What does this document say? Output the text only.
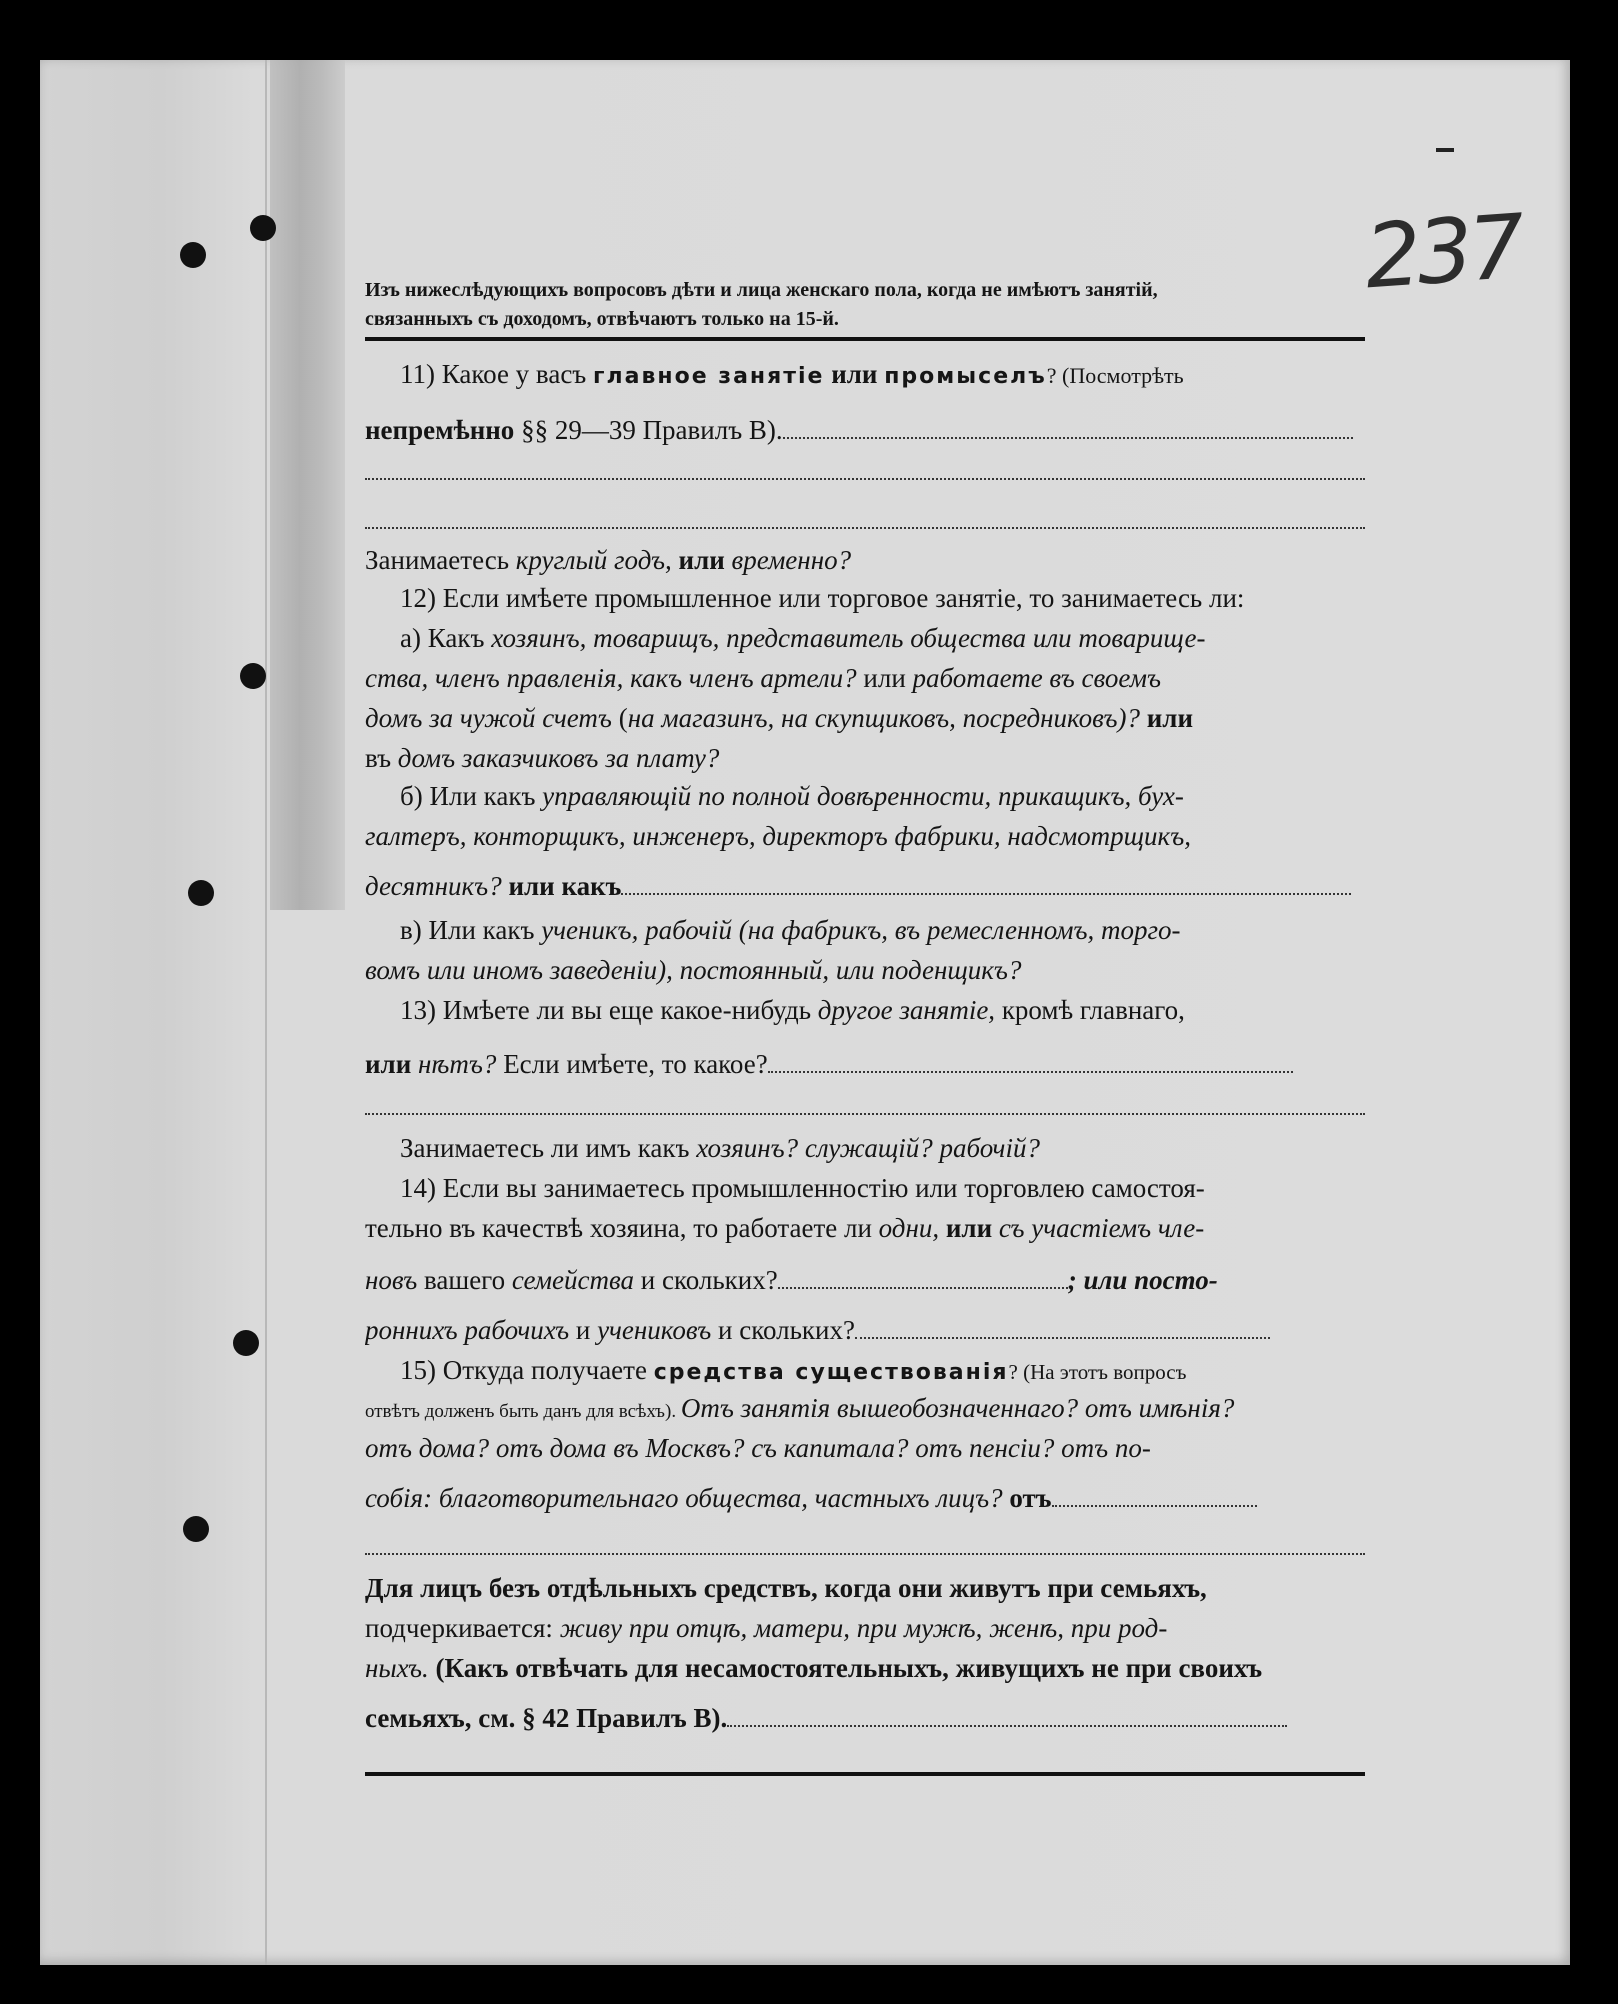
237
Изъ нижеслѣдующихъ вопросовъ дѣти и лица женскаго пола, когда не имѣютъ занятій,
связанныхъ съ доходомъ, отвѣчаютъ только на 15-й.
11) Какое у васъ главное занятіе или промыселъ? (Посмотрѣть
непремѣнно §§ 29—39 Правилъ В).
Занимаетесь круглый годъ, или временно?
12) Если имѣете промышленное или торговое занятіе, то занимаетесь ли:
а) Какъ хозяинъ, товарищъ, представитель общества или товарище-
ства, членъ правленія, какъ членъ артели? или работаете въ своемъ
домъ за чужой счетъ (на магазинъ, на скупщиковъ, посредниковъ)? или
въ домъ заказчиковъ за плату?
б) Или какъ управляющій по полной довѣренности, прикащикъ, бух-
галтеръ, конторщикъ, инженеръ, директоръ фабрики, надсмотрщикъ,
десятникъ? или какъ
в) Или какъ ученикъ, рабочій (на фабрикъ, въ ремесленномъ, торго-
вомъ или иномъ заведеніи), постоянный, или поденщикъ?
13) Имѣете ли вы еще какое-нибудь другое занятіе, кромѣ главнаго,
или нѣтъ? Если имѣете, то какое?
Занимаетесь ли имъ какъ хозяинъ? служащій? рабочій?
14) Если вы занимаетесь промышленностію или торговлею самостоя-
тельно въ качествѣ хозяина, то работаете ли одни, или съ участіемъ чле-
новъ вашего семейства и скольких?	; или посто-
роннихъ рабочихъ и учениковъ и скольких?
15) Откуда получаете средства существованія? (На этотъ вопросъ
отвѣтъ долженъ быть данъ для всѣхъ). Отъ занятія вышеобозначеннаго? отъ имѣнія?
отъ дома? отъ дома въ Москвъ? съ капитала? отъ пенсіи? отъ по-
собія: благотворительнаго общества, частныхъ лицъ? отъ
Для лицъ безъ отдѣльныхъ средствъ, когда они живутъ при семьяхъ,
подчеркивается: живу при отцѣ, матери, при мужѣ, женѣ, при род-
ныхъ. (Какъ отвѣчать для несамостоятельныхъ, живущихъ не при своихъ
семьяхъ, см. § 42 Правилъ В).
